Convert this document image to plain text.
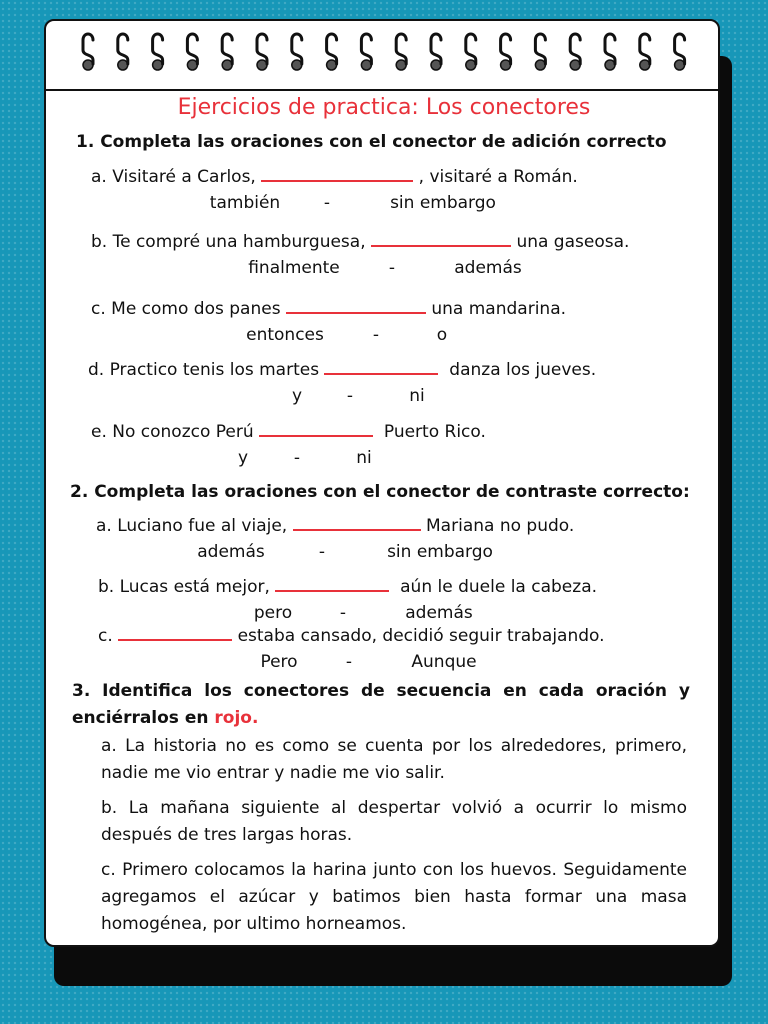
Ejercicios de practica: Los conectores
1. Completa las oraciones con el conector de adición correcto
a. Visitaré a Carlos,	, visitaré a Román.
también	-	sin embargo
b. Te compré una hamburguesa,	una gaseosa.
finalmente	-	además
c. Me como dos panes	una mandarina.
entonces	-	o
d. Practico tenis los martes	danza los jueves.
y	-	ni
e. No conozco Perú	Puerto Rico.
y	-	ni
2. Completa las oraciones con el conector de contraste correcto:
a. Luciano fue al viaje,	Mariana no pudo.
además	-	sin embargo
b. Lucas está mejor,	aún le duele la cabeza.
pero	-	además
c.	estaba cansado, decidió seguir trabajando.
Pero	-	Aunque
3. Identifica los conectores de secuencia en cada oración y enciérralos en rojo.
a. La historia no es como se cuenta por los alrededores, primero, nadie me vio entrar y nadie me vio salir.
b. La mañana siguiente al despertar volvió a ocurrir lo mismo después de tres largas horas.
c. Primero colocamos la harina junto con los huevos. Seguidamente agregamos el azúcar y batimos bien hasta formar una masa homogénea, por ultimo horneamos.
